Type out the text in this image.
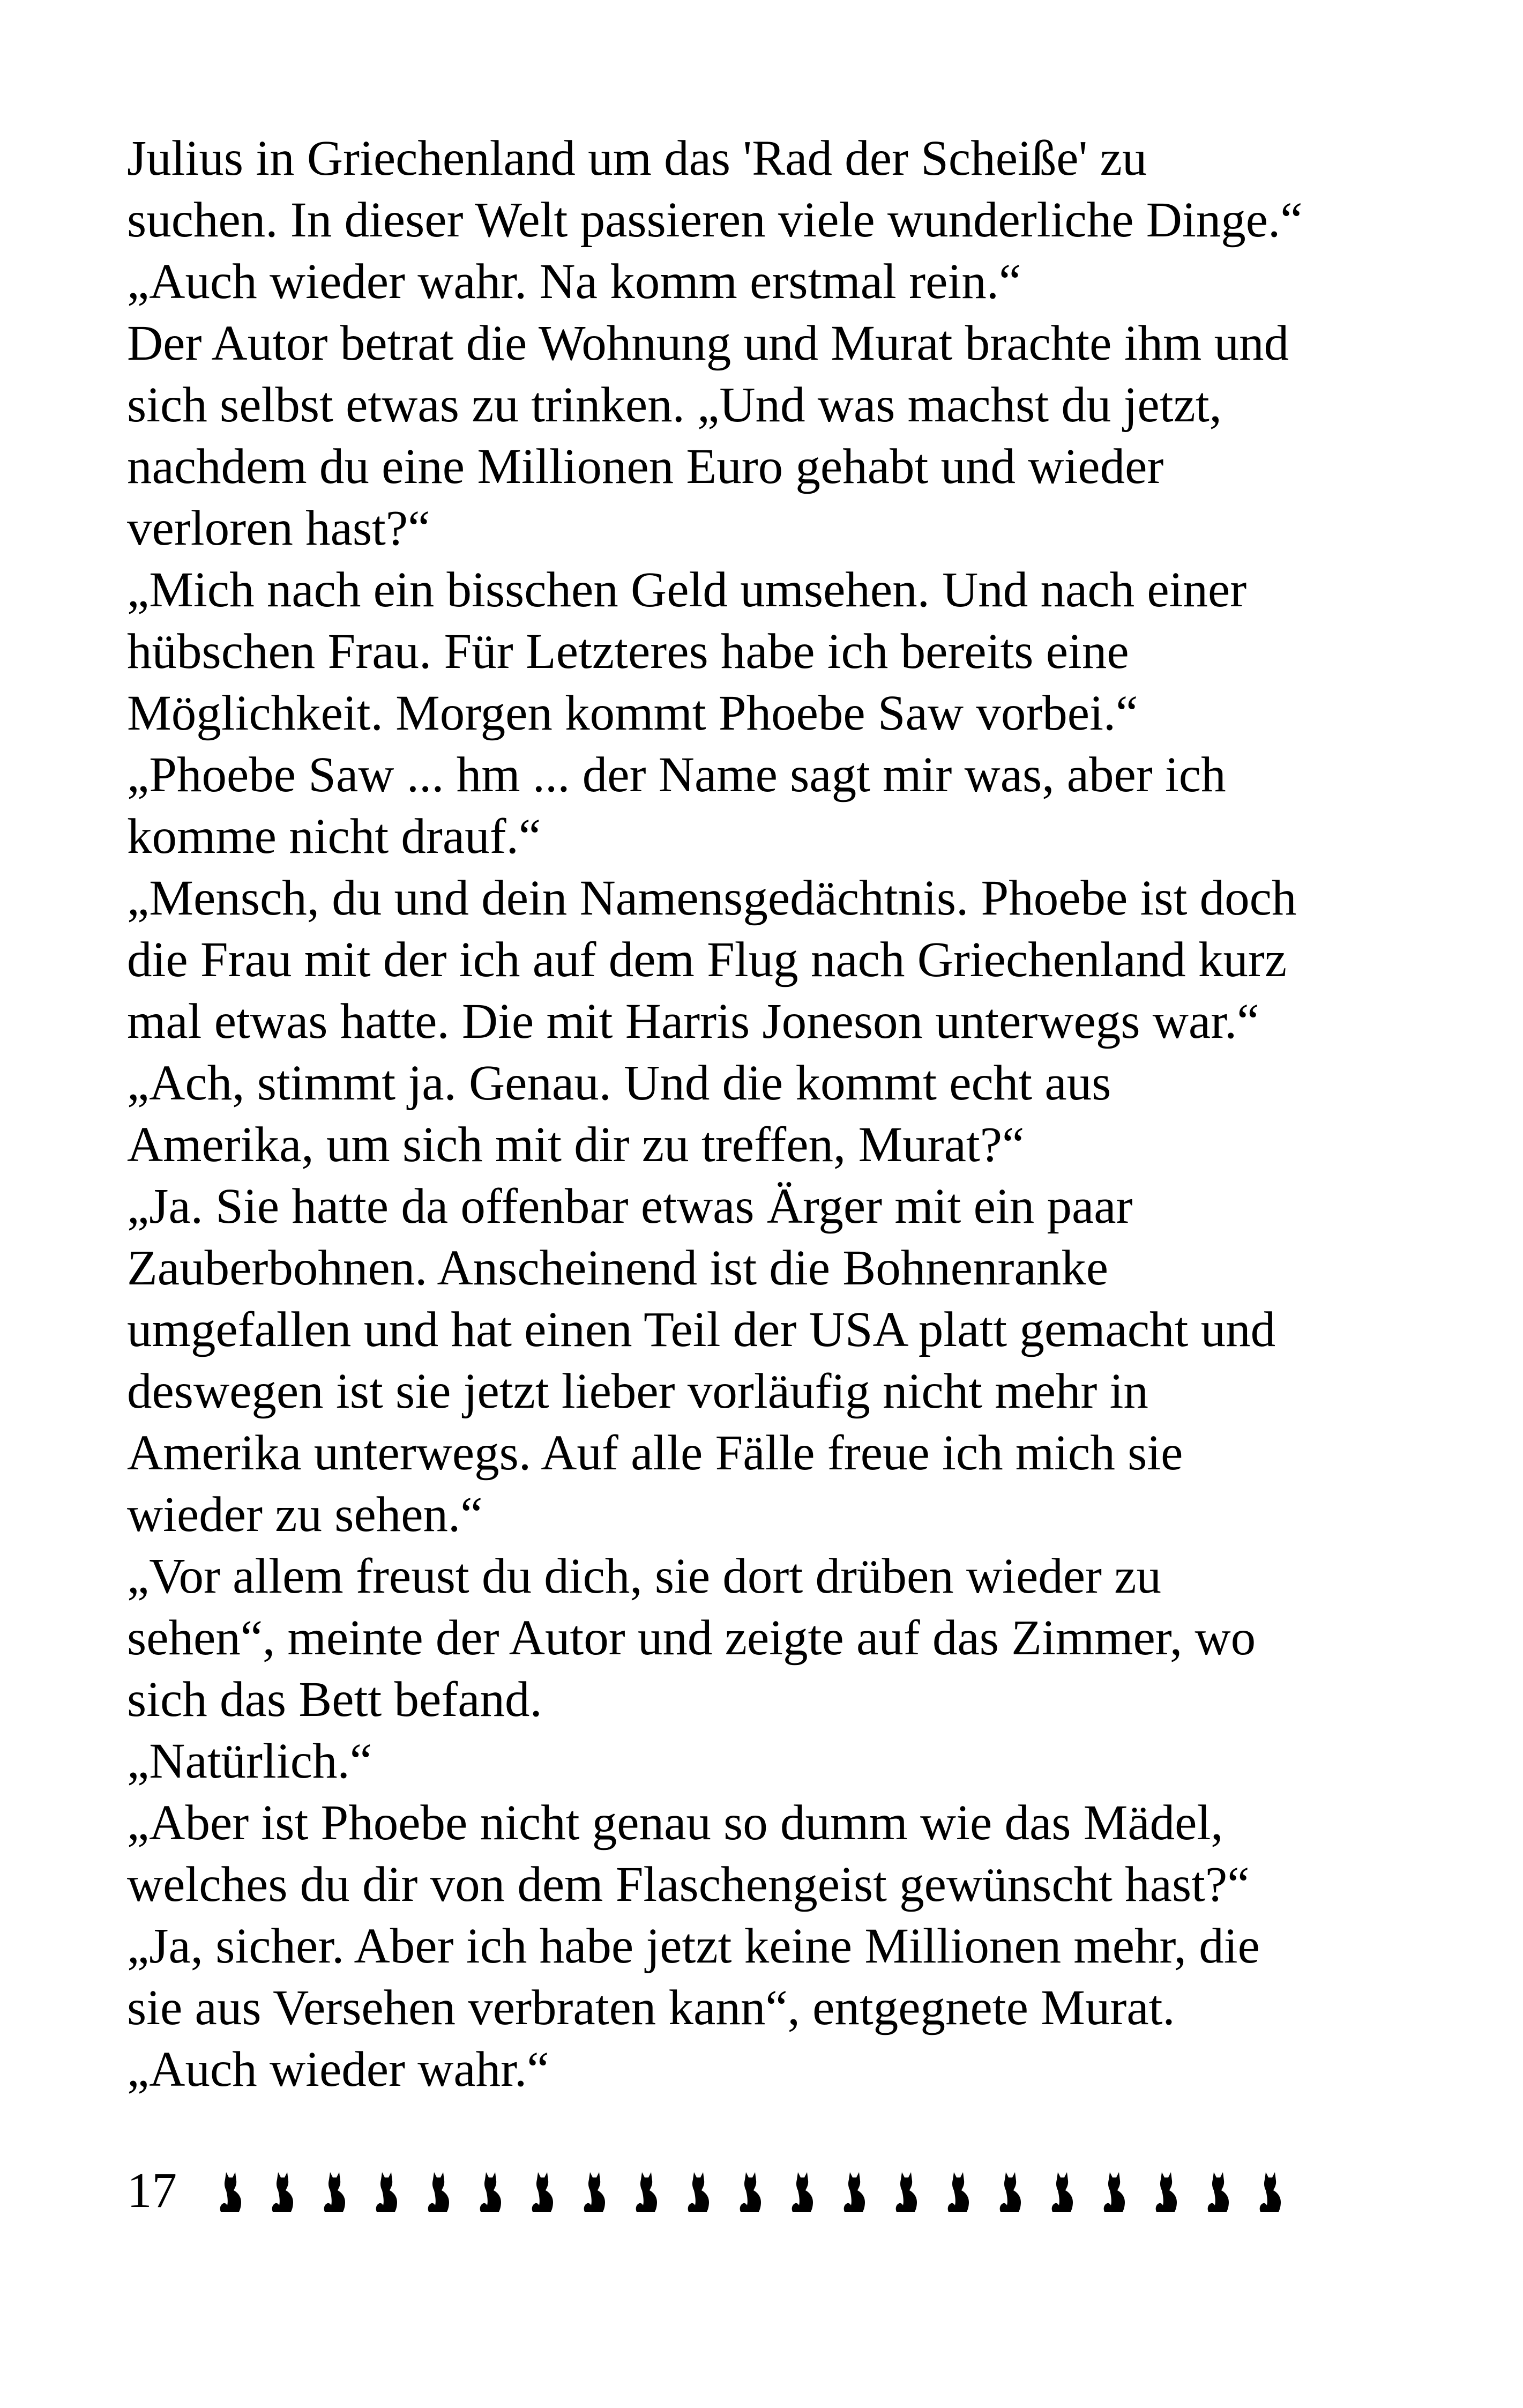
Julius in Griechenland um das 'Rad der Scheiße' zu
suchen. In dieser Welt passieren viele wunderliche Dinge.“
„Auch wieder wahr. Na komm erstmal rein.“
Der Autor betrat die Wohnung und Murat brachte ihm und
sich selbst etwas zu trinken. „Und was machst du jetzt,
nachdem du eine Millionen Euro gehabt und wieder
verloren hast?“
„Mich nach ein bisschen Geld umsehen. Und nach einer
hübschen Frau. Für Letzteres habe ich bereits eine
Möglichkeit. Morgen kommt Phoebe Saw vorbei.“
„Phoebe Saw ... hm ... der Name sagt mir was, aber ich
komme nicht drauf.“
„Mensch, du und dein Namensgedächtnis. Phoebe ist doch
die Frau mit der ich auf dem Flug nach Griechenland kurz
mal etwas hatte. Die mit Harris Joneson unterwegs war.“
„Ach, stimmt ja. Genau. Und die kommt echt aus
Amerika, um sich mit dir zu treffen, Murat?“
„Ja. Sie hatte da offenbar etwas Ärger mit ein paar
Zauberbohnen. Anscheinend ist die Bohnenranke
umgefallen und hat einen Teil der USA platt gemacht und
deswegen ist sie jetzt lieber vorläufig nicht mehr in
Amerika unterwegs. Auf alle Fälle freue ich mich sie
wieder zu sehen.“
„Vor allem freust du dich, sie dort drüben wieder zu
sehen“, meinte der Autor und zeigte auf das Zimmer, wo
sich das Bett befand.
„Natürlich.“
„Aber ist Phoebe nicht genau so dumm wie das Mädel,
welches du dir von dem Flaschengeist gewünscht hast?“
„Ja, sicher. Aber ich habe jetzt keine Millionen mehr, die
sie aus Versehen verbraten kann“, entgegnete Murat.
„Auch wieder wahr.“
17
